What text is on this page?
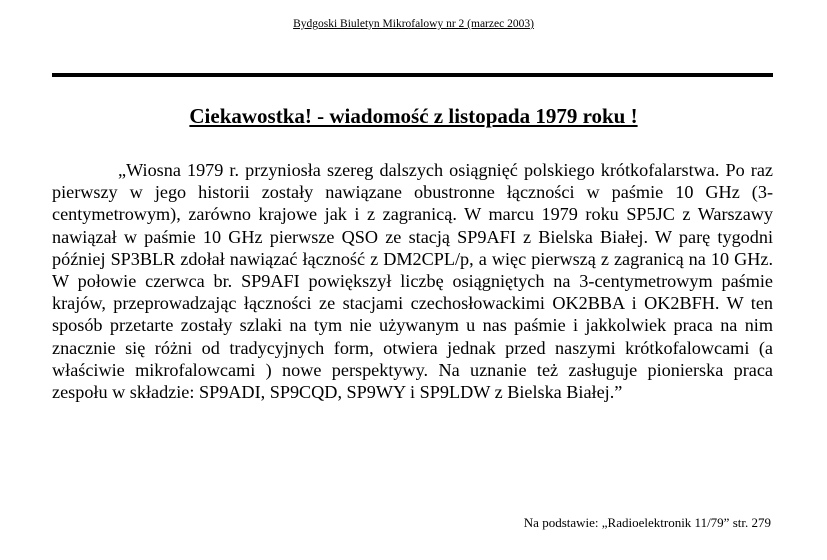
Bydgoski Biuletyn Mikrofalowy nr 2 (marzec 2003)
Ciekawostka! - wiadomość z listopada 1979 roku !

„Wiosna 1979 r. przyniosła szereg dalszych osiągnięć polskiego krótkofalarstwa. Po raz pierwszy w jego historii zostały nawiązane obustronne łączności w paśmie 10 GHz (3-centymetrowym), zarówno krajowe jak i z zagranicą. W marcu 1979 roku SP5JC z Warszawy nawiązał w paśmie 10 GHz pierwsze QSO ze stacją SP9AFI z Bielska Białej. W parę tygodni później SP3BLR zdołał nawiązać łączność z DM2CPL/p, a więc pierwszą z zagranicą na 10 GHz. W połowie czerwca br. SP9AFI powiększył liczbę osiągniętych na 3-centymetrowym paśmie krajów, przeprowadzając łączności ze stacjami czechosłowackimi OK2BBA i OK2BFH. W ten sposób przetarte zostały szlaki na tym nie używanym u nas paśmie i jakkolwiek praca na nim znacznie się różni od tradycyjnych form, otwiera jednak przed naszymi krótkofalowcami (a właściwie mikrofalowcami ) nowe perspektywy. Na uznanie też zasługuje pionierska praca zespołu w składzie: SP9ADI, SP9CQD, SP9WY i SP9LDW z Bielska Białej.”

Na podstawie: „Radioelektronik 11/79” str. 279
